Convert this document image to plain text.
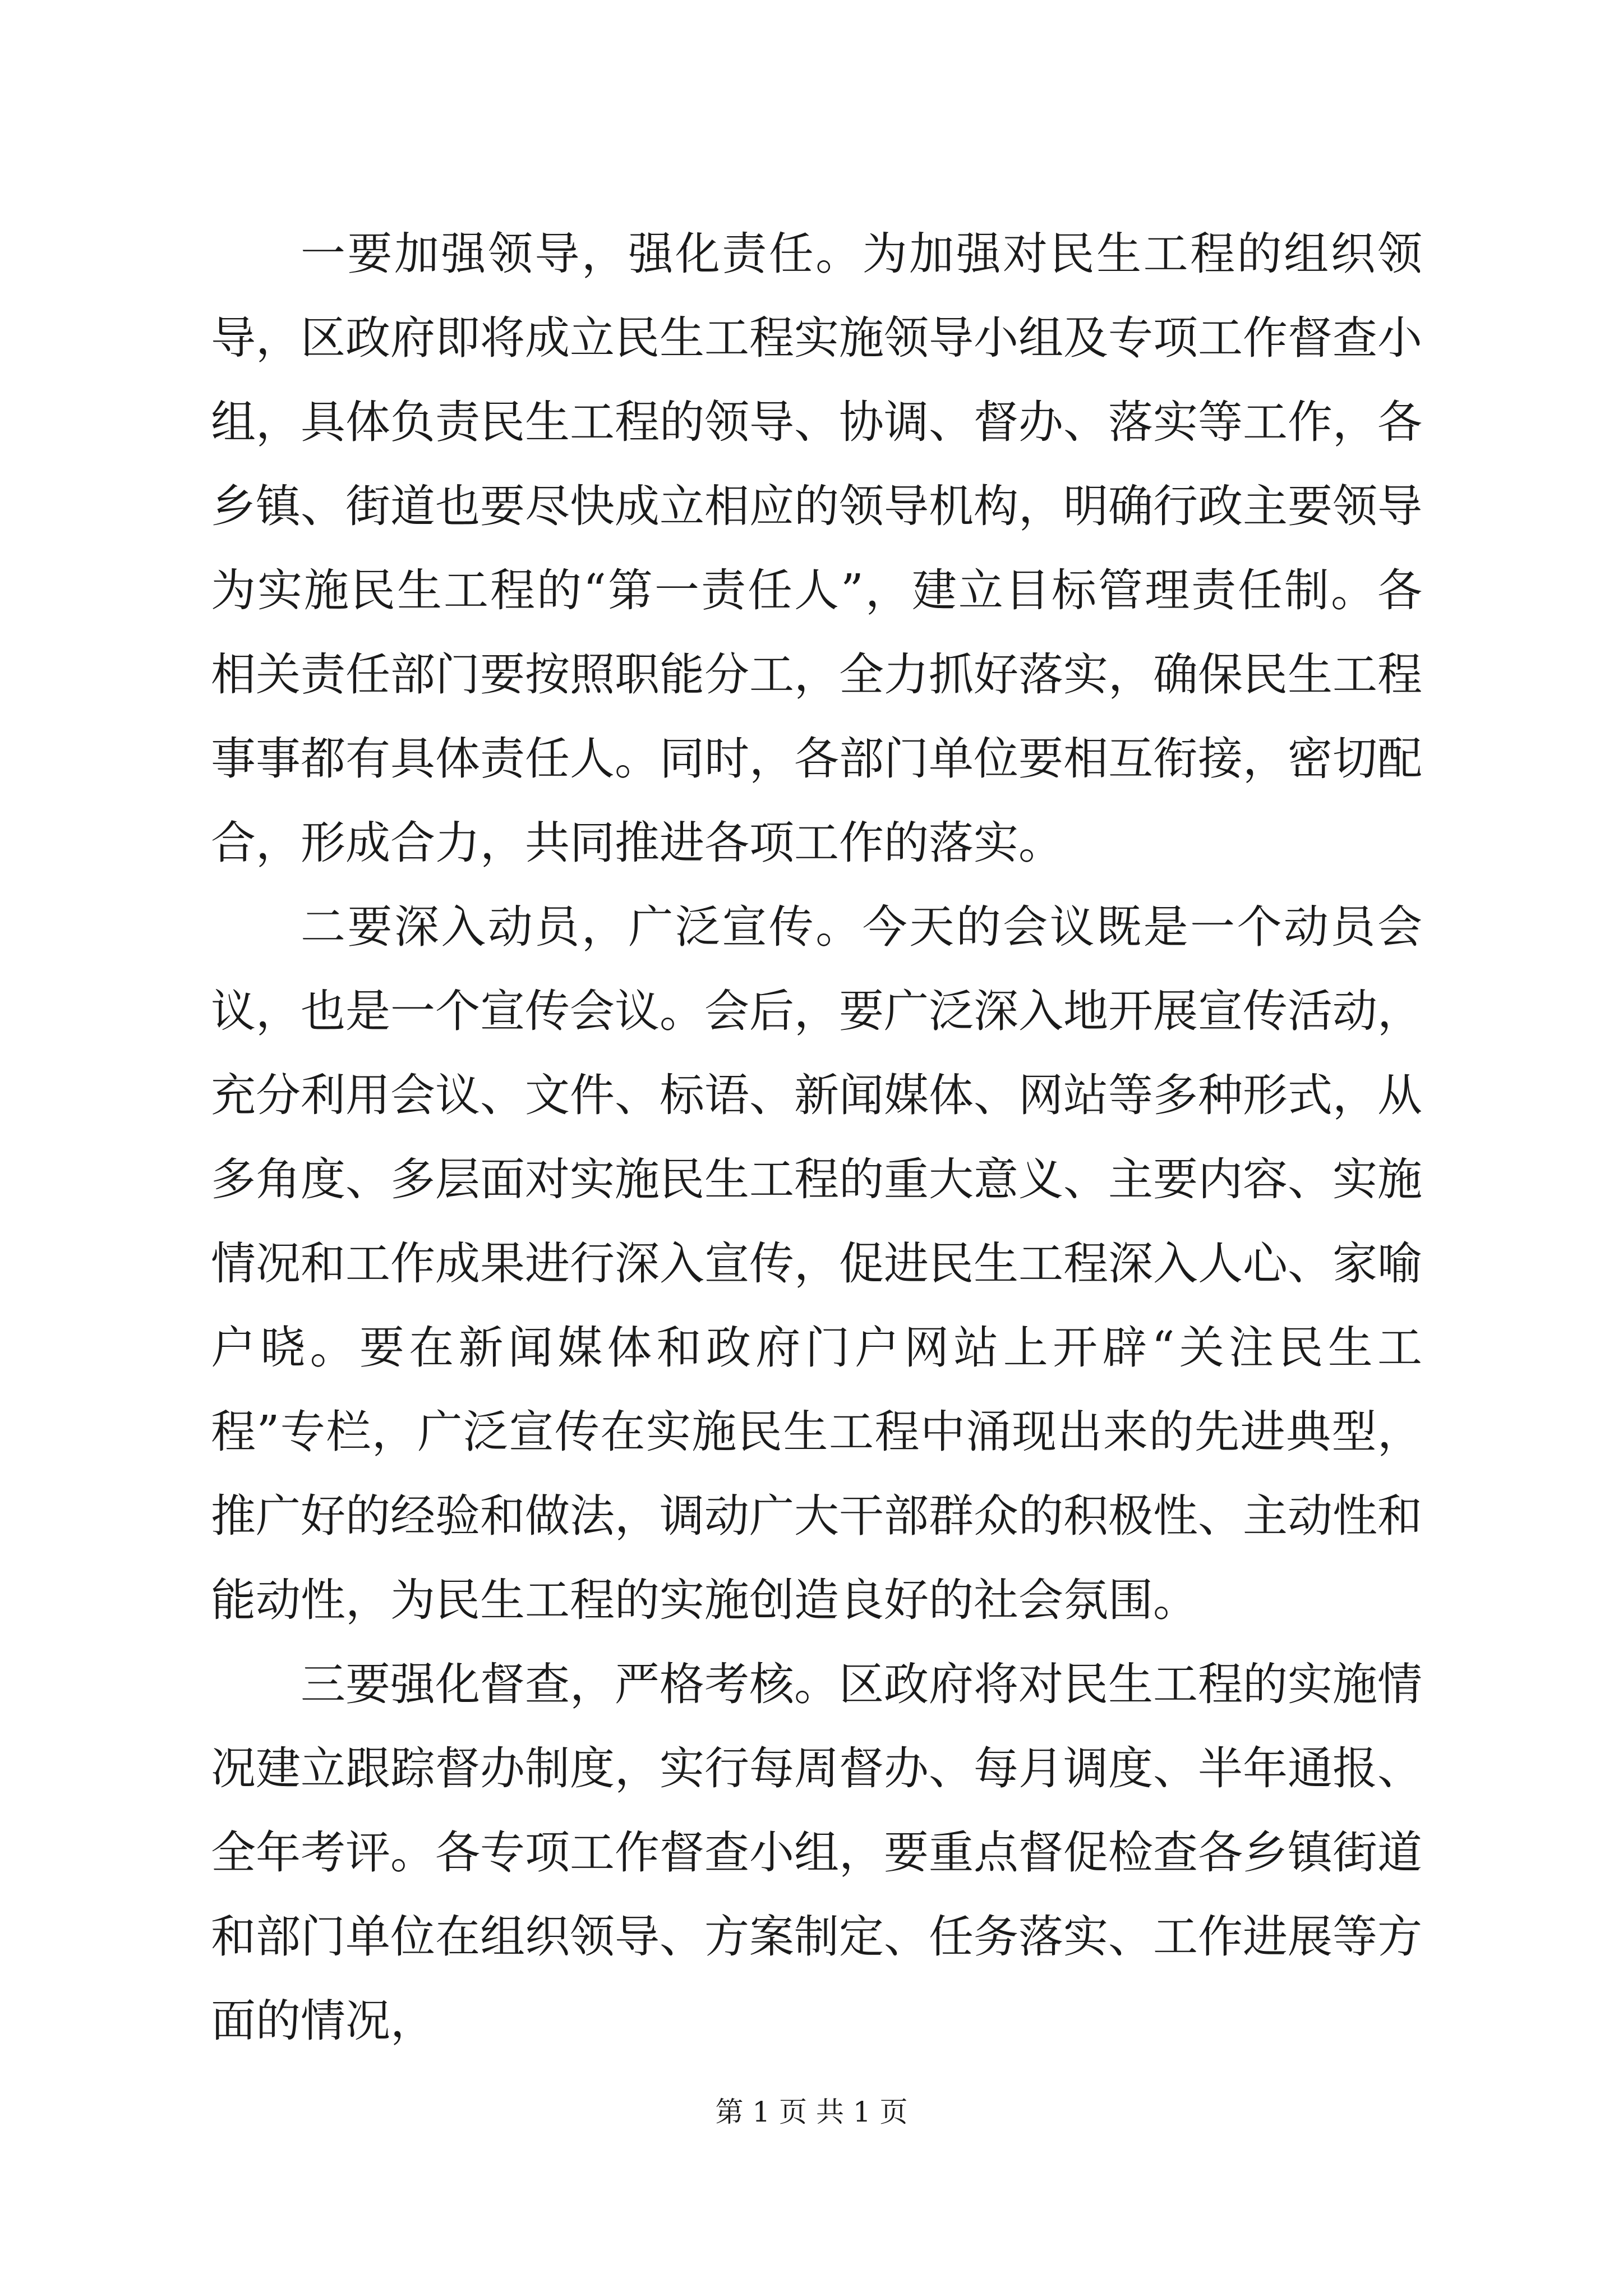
一要加强领导，强化责任。为加强对民生工程的组织领导，区政府即将成立民生工程实施领导小组及专项工作督查小组，具体负责民生工程的领导、协调、督办、落实等工作，各乡镇、街道也要尽快成立相应的领导机构，明确行政主要领导为实施民生工程的“第一责任人”，建立目标管理责任制。各相关责任部门要按照职能分工，全力抓好落实，确保民生工程事事都有具体责任人。同时，各部门单位要相互衔接，密切配合，形成合力，共同推进各项工作的落实。

二要深入动员，广泛宣传。今天的会议既是一个动员会议，也是一个宣传会议。会后，要广泛深入地开展宣传活动，充分利用会议、文件、标语、新闻媒体、网站等多种形式，从多角度、多层面对实施民生工程的重大意义、主要内容、实施情况和工作成果进行深入宣传，促进民生工程深入人心、家喻户晓。要在新闻媒体和政府门户网站上开辟“关注民生工程”专栏，广泛宣传在实施民生工程中涌现出来的先进典型，推广好的经验和做法，调动广大干部群众的积极性、主动性和能动性，为民生工程的实施创造良好的社会氛围。

三要强化督查，严格考核。区政府将对民生工程的实施情况建立跟踪督办制度，实行每周督办、每月调度、半年通报、全年考评。各专项工作督查小组，要重点督促检查各乡镇街道和部门单位在组织领导、方案制定、任务落实、工作进展等方面的情况，

第 1 页 共 1 页
